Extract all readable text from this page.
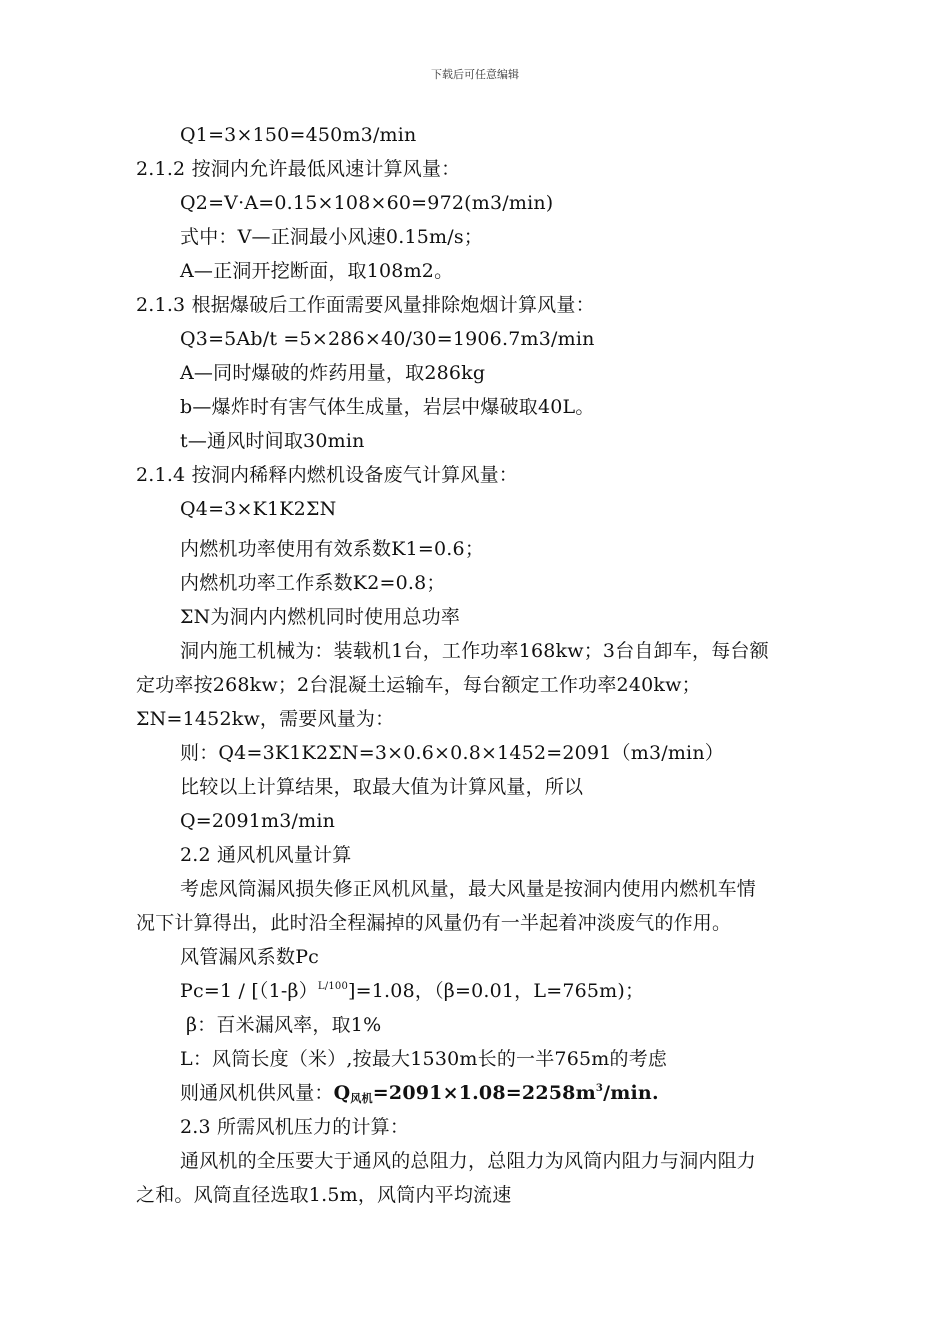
下载后可任意编辑
Q1=3×150=450m3/min
2.1.2 按洞内允许最低风速计算风量：
Q2=V·A=0.15×108×60=972(m3/min)
式中：V—正洞最小风速0.15m/s；
A—正洞开挖断面，取108m2。
2.1.3 根据爆破后工作面需要风量排除炮烟计算风量：
Q3=5Ab/t =5×286×40/30=1906.7m3/min
A—同时爆破的炸药用量，取286kg
b—爆炸时有害气体生成量，岩层中爆破取40L。
t—通风时间取30min
2.1.4 按洞内稀释内燃机设备废气计算风量：
Q4=3×K1K2ΣN
内燃机功率使用有效系数K1=0.6；
内燃机功率工作系数K2=0.8；
ΣN为洞内内燃机同时使用总功率
洞内施工机械为：装载机1台，工作功率168kw；3台自卸车，每台额
定功率按268kw；2台混凝土运输车，每台额定工作功率240kw；
ΣN=1452kw，需要风量为：
则：Q4=3K1K2ΣN=3×0.6×0.8×1452=2091（m3/min）
比较以上计算结果，取最大值为计算风量，所以
Q=2091m3/min
2.2 通风机风量计算
考虑风筒漏风损失修正风机风量，最大风量是按洞内使用内燃机车情
况下计算得出，此时沿全程漏掉的风量仍有一半起着冲淡废气的作用。
风管漏风系数Pc
$Pc=1 / [(1-\beta)^{L/100}]=1.08$，（β=0.01，L=765m)；
β：百米漏风率，取1%
L：风筒长度（米）,按最大1530m长的一半765m的考虑
则通风机供风量：$Q_{风机}=2091\times 1.08=2258m^3/\min$.
2.3 所需风机压力的计算：
通风机的全压要大于通风的总阻力，总阻力为风筒内阻力与洞内阻力
之和。风筒直径选取1.5m，风筒内平均流速
